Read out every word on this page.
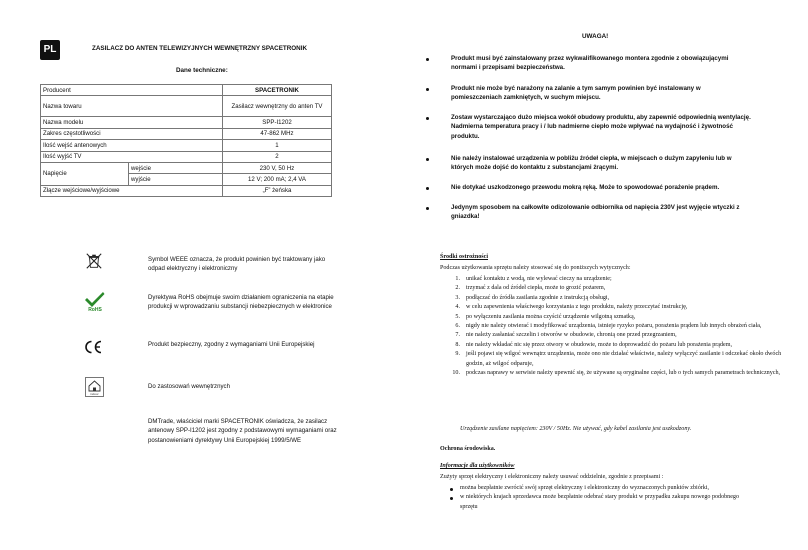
PL	ZASILACZ DO ANTEN TELEWIZYJNYCH WEWNĘTRZNY SPACETRONIK
Dane techniczne:
Producent		SPACETRONIK
Nazwa towaru		Zasilacz wewnętrzny do anten TV
Nazwa modelu		SPP-I1202
Zakres częstotliwości		47-862 MHz
Ilość wejść antenowych		1
Ilość wyjść TV		2
Napięcie	wejście	230 V, 50 Hz
	wyjście	12 V; 200 mA; 2,4 VA
Złącze wejściowe/wyjściowe		„F” żeńska
Symbol WEEE oznacza, że produkt powinien być traktowany jako odpad elektryczny i elektroniczny
RoHS
Dyrektywa RoHS obejmuje swoim działaniem ograniczenia na etapie produkcji w wprowadzaniu substancji niebezpiecznych w elektronice
Produkt bezpieczny, zgodny z wymaganiami Unii Europejskiej
indoor
Do zastosowań wewnętrznych
DMTrade, właściciel marki SPACETRONIK oświadcza, że zasilacz antenowy SPP-I1202 jest zgodny z podstawowymi wymaganiami oraz postanowieniami dyrektywy Unii Europejskiej 1999/5/WE
UWAGA!
Produkt musi być zainstalowany przez wykwalifikowanego montera zgodnie z obowiązującymi normami i przepisami bezpieczeństwa.
Produkt nie może być narażony na zalanie a tym samym powinien być instalowany w pomieszczeniach zamkniętych, w suchym miejscu.
Zostaw wystarczająco dużo miejsca wokół obudowy produktu, aby zapewnić odpowiednią wentylację. Nadmierna temperatura pracy i / lub nadmierne ciepło może wpływać na wydajność i żywotność produktu.
Nie należy instalować urządzenia w pobliżu źródeł ciepła, w miejscach o dużym zapyleniu lub w których może dojść do kontaktu z substancjami żrącymi.
Nie dotykać uszkodzonego przewodu mokrą ręką. Może to spowodować porażenie prądem.
Jedynym sposobem na całkowite odizolowanie odbiornika od napięcia 230V jest wyjęcie wtyczki z gniazdka!
Środki ostrożności
Podczas użytkowania sprzętu należy stosować się do poniższych wytycznych:
1. unikać kontaktu z wodą, nie wylewać cieczy na urządzenie;
2. trzymać z dala od źródeł ciepła, może to grozić pożarem,
3. podłączać do źródła zasilania zgodnie z instrukcją obsługi,
4. w celu zapewnienia właściwego korzystania z tego produktu, należy przeczytać instrukcję,
5. po wyłączeniu zasilania można czyścić urządzenie wilgotną szmatką,
6. nigdy nie należy otwierać i modyfikować urządzenia, istnieje ryzyko pożaru, porażenia prądem lub innych obrażeń ciała,
7. nie należy zasłaniać szczelin i otworów w obudowie, chronią one przed przegrzaniem,
8. nie należy wkładać nic się przez otwory w obudowie, może to doprowadzić do pożaru lub porażenia prądem,
9. jeśli pojawi się wilgoć wewnątrz urządzenia, może ono nie działać właściwie, należy wyłączyć zasilanie i odczekać około dwóch godzin, aż wilgoć odparuje,
10. podczas naprawy w serwisie należy upewnić się, że używane są oryginalne części, lub o tych samych parametrach technicznych,
Urządzenie zasilane napięciem: 230V / 50Hz. Nie używać, gdy kabel zasilania jest uszkodzony.
Ochrona środowiska.
Informacje dla użytkowników
Zużyty sprzęt elektryczny i elektroniczny należy usuwać oddzielnie, zgodnie z przepisami :
można bezpłatnie zwrócić swój sprzęt elektryczny i elektroniczny do wyznaczonych punktów zbiórki,
w niektórych krajach sprzedawca może bezpłatnie odebrać stary produkt w przypadku zakupu nowego podobnego sprzętu
